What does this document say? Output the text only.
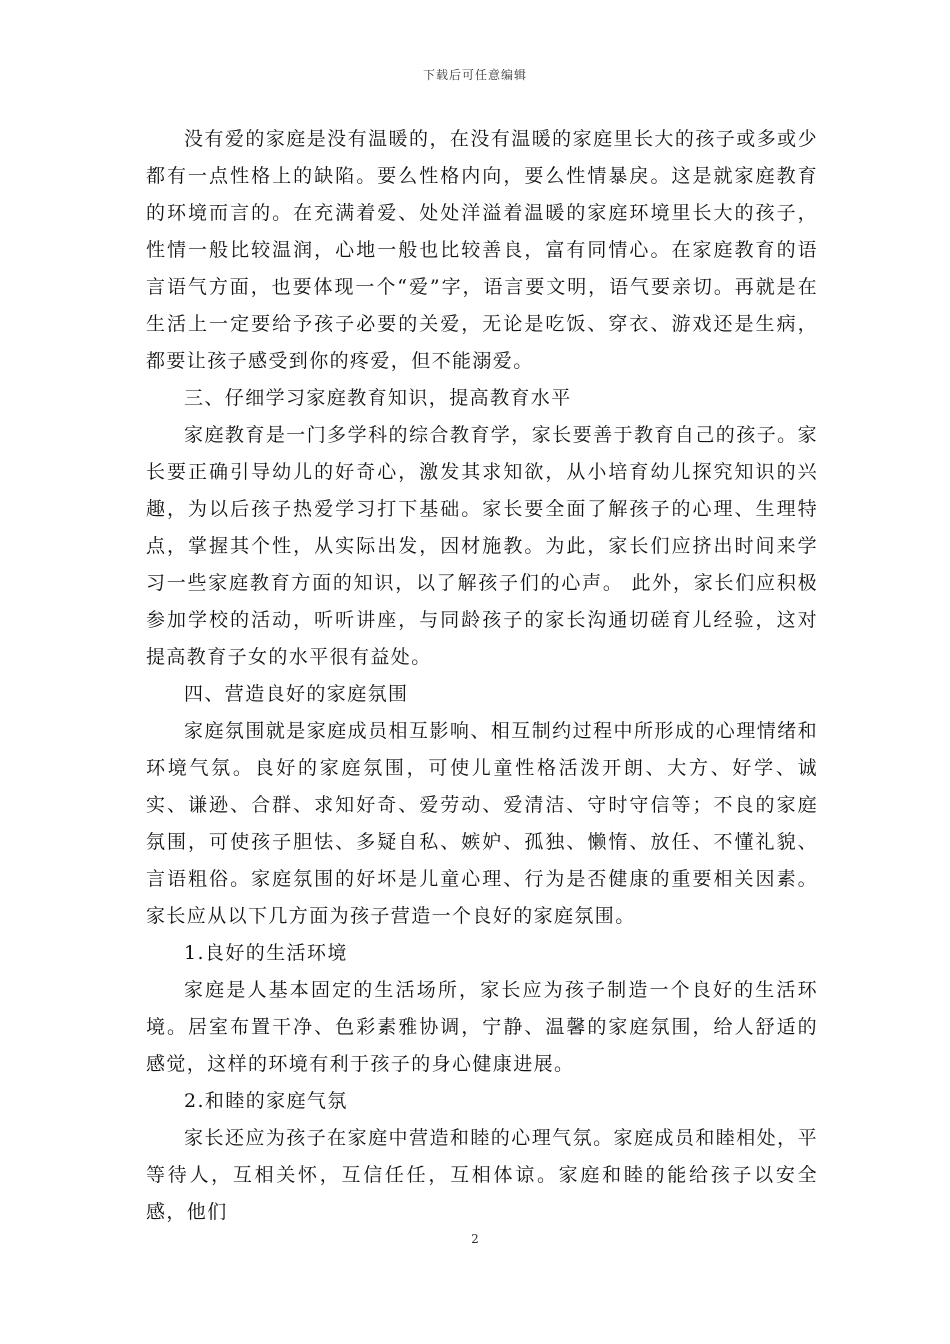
下载后可任意编辑

没有爱的家庭是没有温暖的，在没有温暖的家庭里长大的孩子或多或少都有一点性格上的缺陷。要么性格内向，要么性情暴戾。这是就家庭教育的环境而言的。在充满着爱、处处洋溢着温暖的家庭环境里长大的孩子，性情一般比较温润，心地一般也比较善良，富有同情心。在家庭教育的语言语气方面，也要体现一个“爱”字，语言要文明，语气要亲切。再就是在生活上一定要给予孩子必要的关爱，无论是吃饭、穿衣、游戏还是生病，都要让孩子感受到你的疼爱，但不能溺爱。

三、仔细学习家庭教育知识，提高教育水平

家庭教育是一门多学科的综合教育学，家长要善于教育自己的孩子。家长要正确引导幼儿的好奇心，激发其求知欲，从小培育幼儿探究知识的兴趣，为以后孩子热爱学习打下基础。家长要全面了解孩子的心理、生理特点，掌握其个性，从实际出发，因材施教。为此，家长们应挤出时间来学习一些家庭教育方面的知识，以了解孩子们的心声。 此外，家长们应积极参加学校的活动，听听讲座，与同龄孩子的家长沟通切磋育儿经验，这对提高教育子女的水平很有益处。

四、营造良好的家庭氛围

家庭氛围就是家庭成员相互影响、相互制约过程中所形成的心理情绪和环境气氛。良好的家庭氛围，可使儿童性格活泼开朗、大方、好学、诚实、谦逊、合群、求知好奇、爱劳动、爱清洁、守时守信等；不良的家庭氛围，可使孩子胆怯、多疑自私、嫉妒、孤独、懒惰、放任、不懂礼貌、言语粗俗。家庭氛围的好坏是儿童心理、行为是否健康的重要相关因素。家长应从以下几方面为孩子营造一个良好的家庭氛围。

1.良好的生活环境

家庭是人基本固定的生活场所，家长应为孩子制造一个良好的生活环境。居室布置干净、色彩素雅协调，宁静、温馨的家庭氛围，给人舒适的感觉，这样的环境有利于孩子的身心健康进展。

2.和睦的家庭气氛

家长还应为孩子在家庭中营造和睦的心理气氛。家庭成员和睦相处，平等待人，互相关怀，互信任任，互相体谅。家庭和睦的能给孩子以安全感，他们

2
